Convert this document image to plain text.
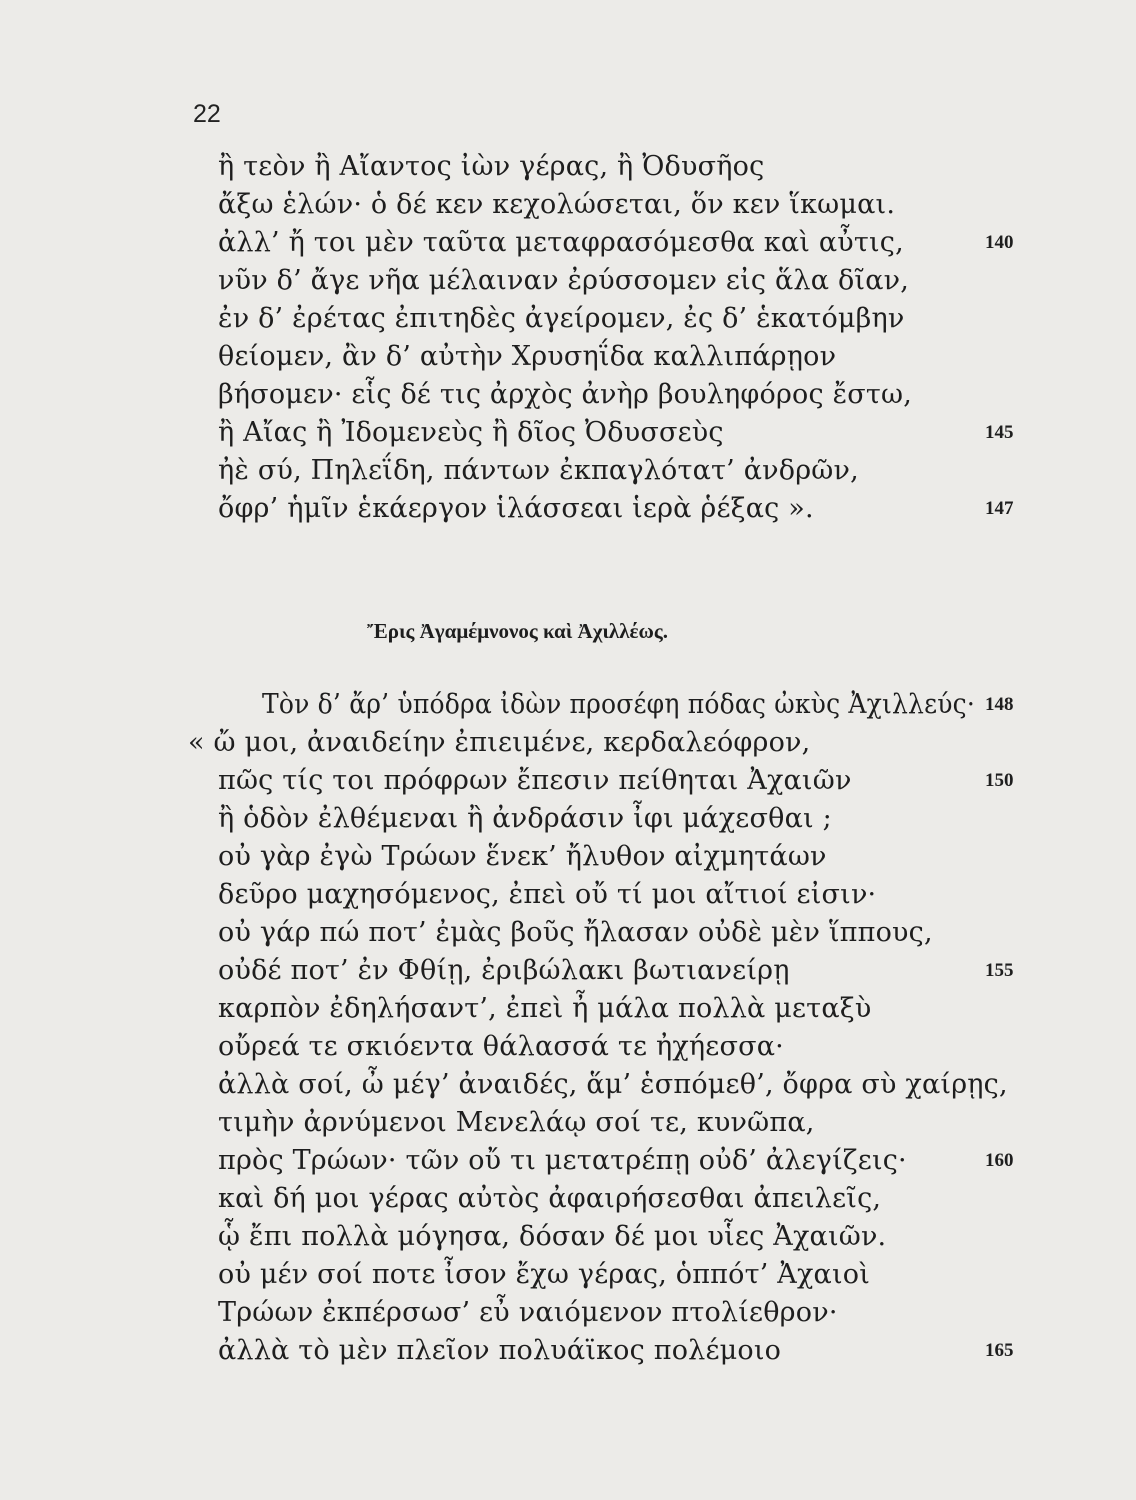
22
ἢ τεὸν ἢ Αἴαντος ἰὼν γέρας, ἢ Ὀδυσῆος
ἄξω ἑλών· ὁ δέ κεν κεχολώσεται, ὅν κεν ἵκωμαι.
ἀλλ’ ἤ τοι μὲν ταῦτα μεταφρασόμεσθα καὶ αὖτις,	140
νῦν δ’ ἄγε νῆα μέλαιναν ἐρύσσομεν εἰς ἅλα δῖαν,
ἐν δ’ ἐρέτας ἐπιτηδὲς ἀγείρομεν, ἐς δ’ ἑκατόμβην
θείομεν, ἂν δ’ αὐτὴν Χρυσηΐδα καλλιπάρῃον
βήσομεν· εἷς δέ τις ἀρχὸς ἀνὴρ βουληφόρος ἔστω,
ἢ Αἴας ἢ Ἰδομενεὺς ἢ δῖος Ὀδυσσεὺς	145
ἠὲ σύ, Πηλεΐδη, πάντων ἐκπαγλότατ’ ἀνδρῶν,
ὄφρ’ ἡμῖν ἑκάεργον ἱλάσσεαι ἱερὰ ῥέξας ».	147
Ἔρις Ἀγαμέμνονος καὶ Ἀχιλλέως.
Τὸν δ’ ἄρ’ ὑπόδρα ἰδὼν προσέφη πόδας ὠκὺς Ἀχιλλεύς· 148
« ὤ μοι, ἀναιδείην ἐπιειμένε, κερδαλεόφρον,
πῶς τίς τοι πρόφρων ἔπεσιν πείθηται Ἀχαιῶν	150
ἢ ὁδὸν ἐλθέμεναι ἢ ἀνδράσιν ἶφι μάχεσθαι ;
οὐ γὰρ ἐγὼ Τρώων ἕνεκ’ ἤλυθον αἰχμητάων
δεῦρο μαχησόμενος, ἐπεὶ οὔ τί μοι αἴτιοί εἰσιν·
οὐ γάρ πώ ποτ’ ἐμὰς βοῦς ἤλασαν οὐδὲ μὲν ἵππους,
οὐδέ ποτ’ ἐν Φθίῃ, ἐριβώλακι βωτιανείρῃ	155
καρπὸν ἐδηλήσαντ’, ἐπεὶ ἦ μάλα πολλὰ μεταξὺ
οὔρεά τε σκιόεντα θάλασσά τε ἠχήεσσα·
ἀλλὰ σοί, ὦ μέγ’ ἀναιδές, ἅμ’ ἑσπόμεθ’, ὄφρα σὺ χαίρῃς,
τιμὴν ἀρνύμενοι Μενελάῳ σοί τε, κυνῶπα,
πρὸς Τρώων· τῶν οὔ τι μετατρέπῃ οὐδ’ ἀλεγίζεις·	160
καὶ δή μοι γέρας αὐτὸς ἀφαιρήσεσθαι ἀπειλεῖς,
ᾧ ἔπι πολλὰ μόγησα, δόσαν δέ μοι υἷες Ἀχαιῶν.
οὐ μέν σοί ποτε ἶσον ἔχω γέρας, ὁππότ’ Ἀχαιοὶ
Τρώων ἐκπέρσωσ’ εὖ ναιόμενον πτολίεθρον·
ἀλλὰ τὸ μὲν πλεῖον πολυάϊκος πολέμοιο	165
